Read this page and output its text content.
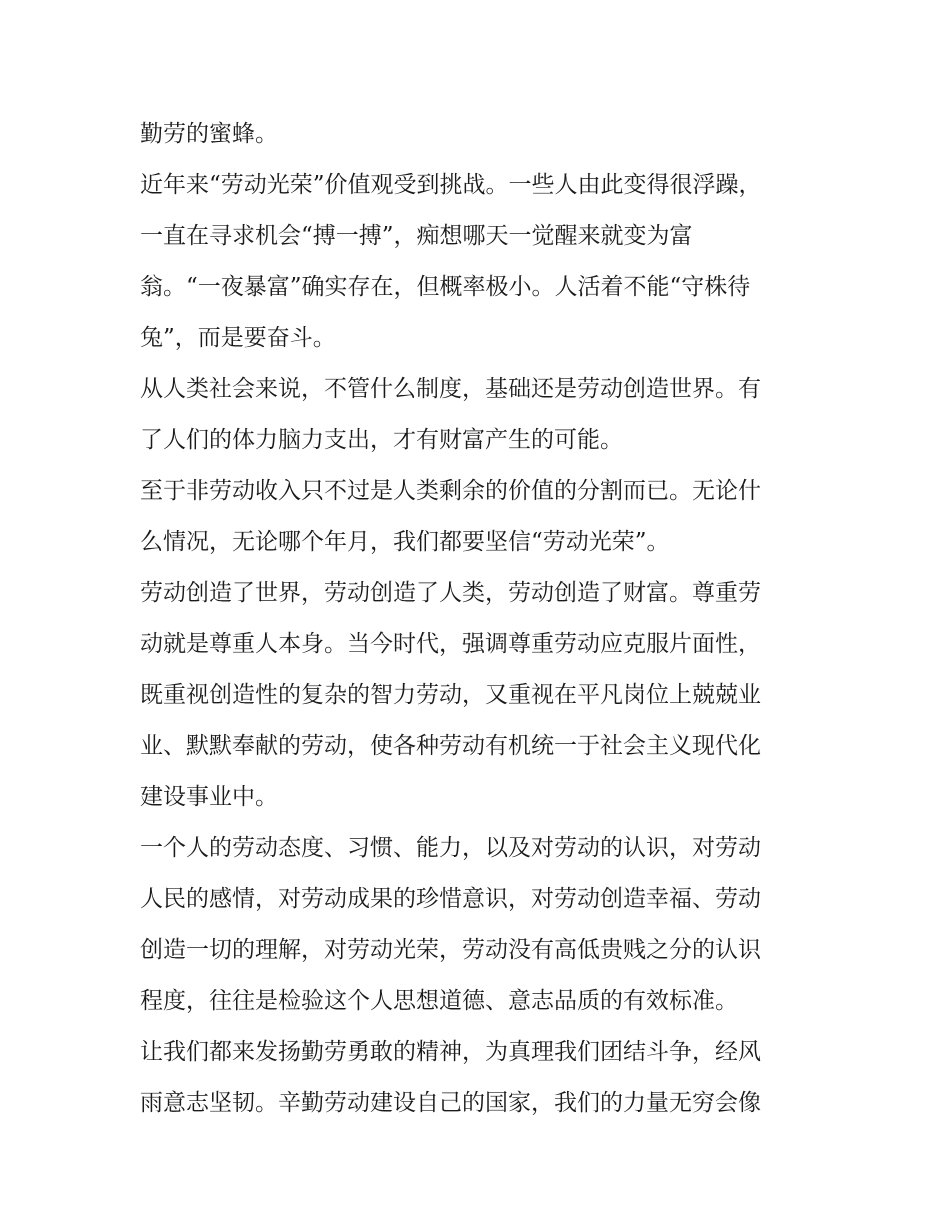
勤劳的蜜蜂。
近年来“劳动光荣”价值观受到挑战。一些人由此变得很浮躁，
一直在寻求机会“搏一搏”，痴想哪天一觉醒来就变为富
翁。“一夜暴富”确实存在，但概率极小。人活着不能“守株待
兔”，而是要奋斗。
从人类社会来说，不管什么制度，基础还是劳动创造世界。有
了人们的体力脑力支出，才有财富产生的可能。
至于非劳动收入只不过是人类剩余的价值的分割而已。无论什
么情况，无论哪个年月，我们都要坚信“劳动光荣”。
劳动创造了世界，劳动创造了人类，劳动创造了财富。尊重劳
动就是尊重人本身。当今时代，强调尊重劳动应克服片面性，
既重视创造性的复杂的智力劳动，又重视在平凡岗位上兢兢业
业、默默奉献的劳动，使各种劳动有机统一于社会主义现代化
建设事业中。
一个人的劳动态度、习惯、能力，以及对劳动的认识，对劳动
人民的感情，对劳动成果的珍惜意识，对劳动创造幸福、劳动
创造一切的理解，对劳动光荣，劳动没有高低贵贱之分的认识
程度，往往是检验这个人思想道德、意志品质的有效标准。
让我们都来发扬勤劳勇敢的精神，为真理我们团结斗争，经风
雨意志坚韧。辛勤劳动建设自己的国家，我们的力量无穷会像
